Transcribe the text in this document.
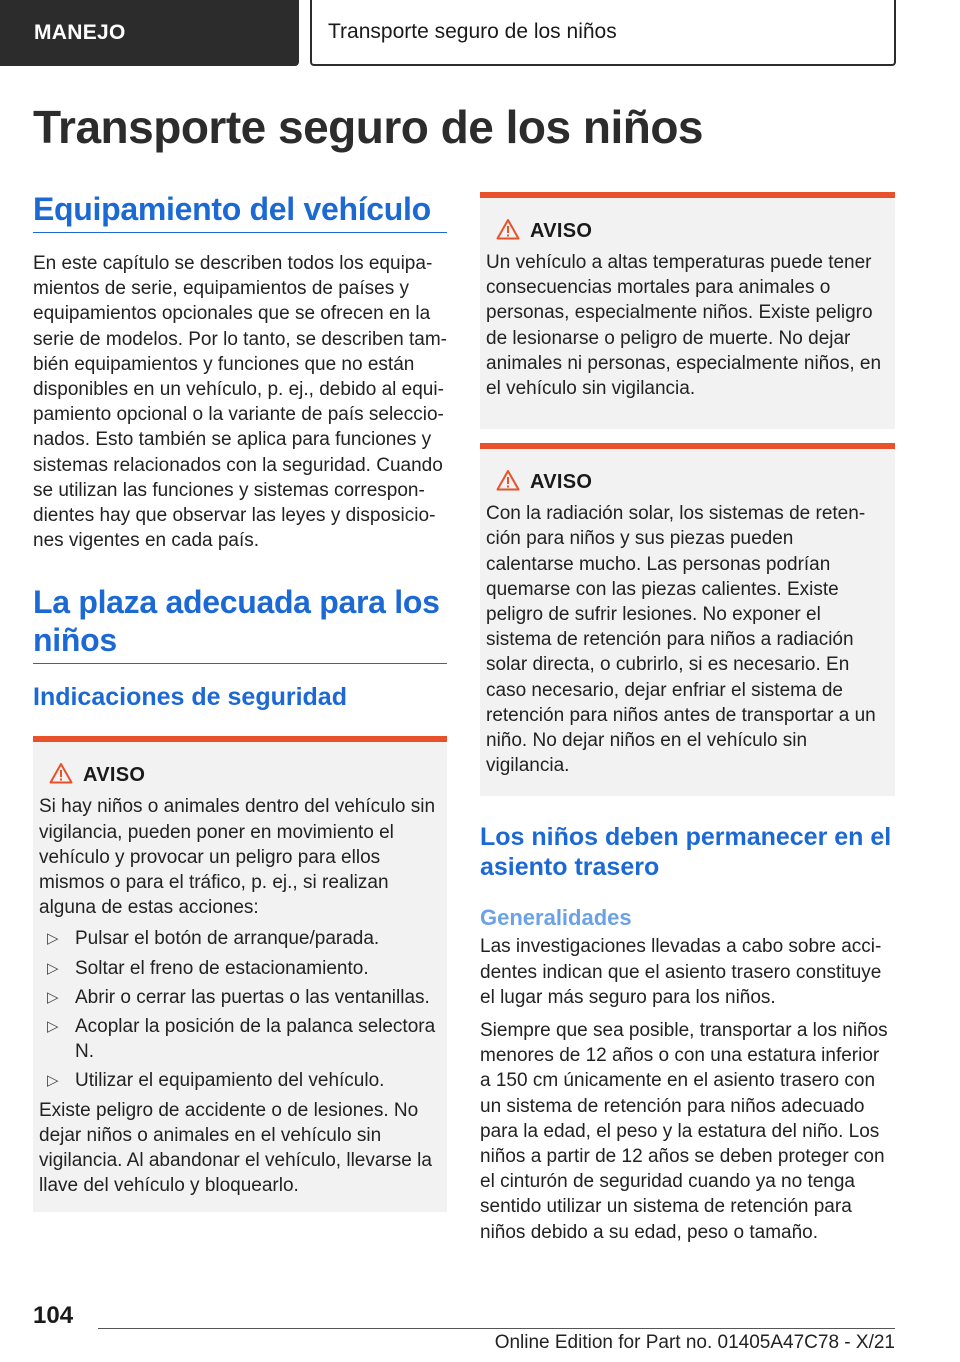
MANEJO	Transporte seguro de los niños
Transporte seguro de los niños
Equipamiento del vehículo

En este capítulo se describen todos los equipamientos de serie, equipamientos de países y equipamientos opcionales que se ofrecen en la serie de modelos. Por lo tanto, se describen también equipamientos y funciones que no están disponibles en un vehículo, p. ej., debido al equipamiento opcional o la variante de país seleccionados. Esto también se aplica para funciones y sistemas relacionados con la seguridad. Cuando se utilizan las funciones y sistemas correspondientes hay que observar las leyes y disposiciones vigentes en cada país.

La plaza adecuada para los niños
Indicaciones de seguridad
AVISO

Si hay niños o animales dentro del vehículo sin vigilancia, pueden poner en movimiento el vehículo y provocar un peligro para ellos mismos o para el tráfico, p. ej., si realizan alguna de estas acciones:

▷ Pulsar el botón de arranque/parada.
▷ Soltar el freno de estacionamiento.
▷ Abrir o cerrar las puertas o las ventanillas.
▷ Acoplar la posición de la palanca selectora N.
▷ Utilizar el equipamiento del vehículo.

Existe peligro de accidente o de lesiones. No dejar niños o animales en el vehículo sin vigilancia. Al abandonar el vehículo, llevarse la llave del vehículo y bloquearlo.

AVISO

Un vehículo a altas temperaturas puede tener consecuencias mortales para animales o personas, especialmente niños. Existe peligro de lesionarse o peligro de muerte. No dejar animales ni personas, especialmente niños, en el vehículo sin vigilancia.

AVISO

Con la radiación solar, los sistemas de retención para niños y sus piezas pueden calentarse mucho. Las personas podrían quemarse con las piezas calientes. Existe peligro de sufrir lesiones. No exponer el sistema de retención para niños a radiación solar directa, o cubrirlo, si es necesario. En caso necesario, dejar enfriar el sistema de retención para niños antes de transportar a un niño. No dejar niños en el vehículo sin vigilancia.

Los niños deben permanecer en el asiento trasero
Generalidades

Las investigaciones llevadas a cabo sobre accidentes indican que el asiento trasero constituye el lugar más seguro para los niños.

Siempre que sea posible, transportar a los niños menores de 12 años o con una estatura inferior a 150 cm únicamente en el asiento trasero con un sistema de retención para niños adecuado para la edad, el peso y la estatura del niño. Los niños a partir de 12 años se deben proteger con el cinturón de seguridad cuando ya no tenga sentido utilizar un sistema de retención para niños debido a su edad, peso o tamaño.

104
Online Edition for Part no. 01405A47C78 - X/21
